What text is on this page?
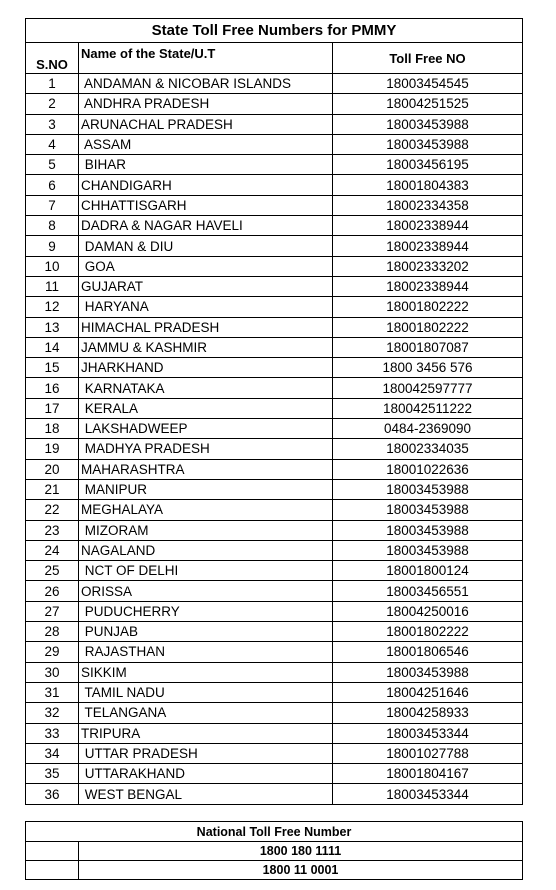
State Toll Free Numbers for PMMY		
S.NO	Name of the State/U.T	Toll Free NO
1	ANDAMAN & NICOBAR ISLANDS	18003454545
2	ANDHRA PRADESH	18004251525
3	ARUNACHAL PRADESH	18003453988
4	ASSAM	18003453988
5	BIHAR	18003456195
6	CHANDIGARH	18001804383
7	CHHATTISGARH	18002334358
8	DADRA & NAGAR HAVELI	18002338944
9	DAMAN & DIU	18002338944
10	GOA	18002333202
11	GUJARAT	18002338944
12	HARYANA	18001802222
13	HIMACHAL PRADESH	18001802222
14	JAMMU & KASHMIR	18001807087
15	JHARKHAND	1800 3456 576
16	KARNATAKA	180042597777
17	KERALA	180042511222
18	LAKSHADWEEP	0484-2369090
19	MADHYA PRADESH	18002334035
20	MAHARASHTRA	18001022636
21	MANIPUR	18003453988
22	MEGHALAYA	18003453988
23	MIZORAM	18003453988
24	NAGALAND	18003453988
25	NCT OF DELHI	18001800124
26	ORISSA	18003456551
27	PUDUCHERRY	18004250016
28	PUNJAB	18001802222
29	RAJASTHAN	18001806546
30	SIKKIM	18003453988
31	TAMIL NADU	18004251646
32	TELANGANA	18004258933
33	TRIPURA	18003453344
34	UTTAR PRADESH	18001027788
35	UTTARAKHAND	18001804167
36	WEST BENGAL	18003453344
National Toll Free Number	
	1800 180 1111
	1800 11 0001
